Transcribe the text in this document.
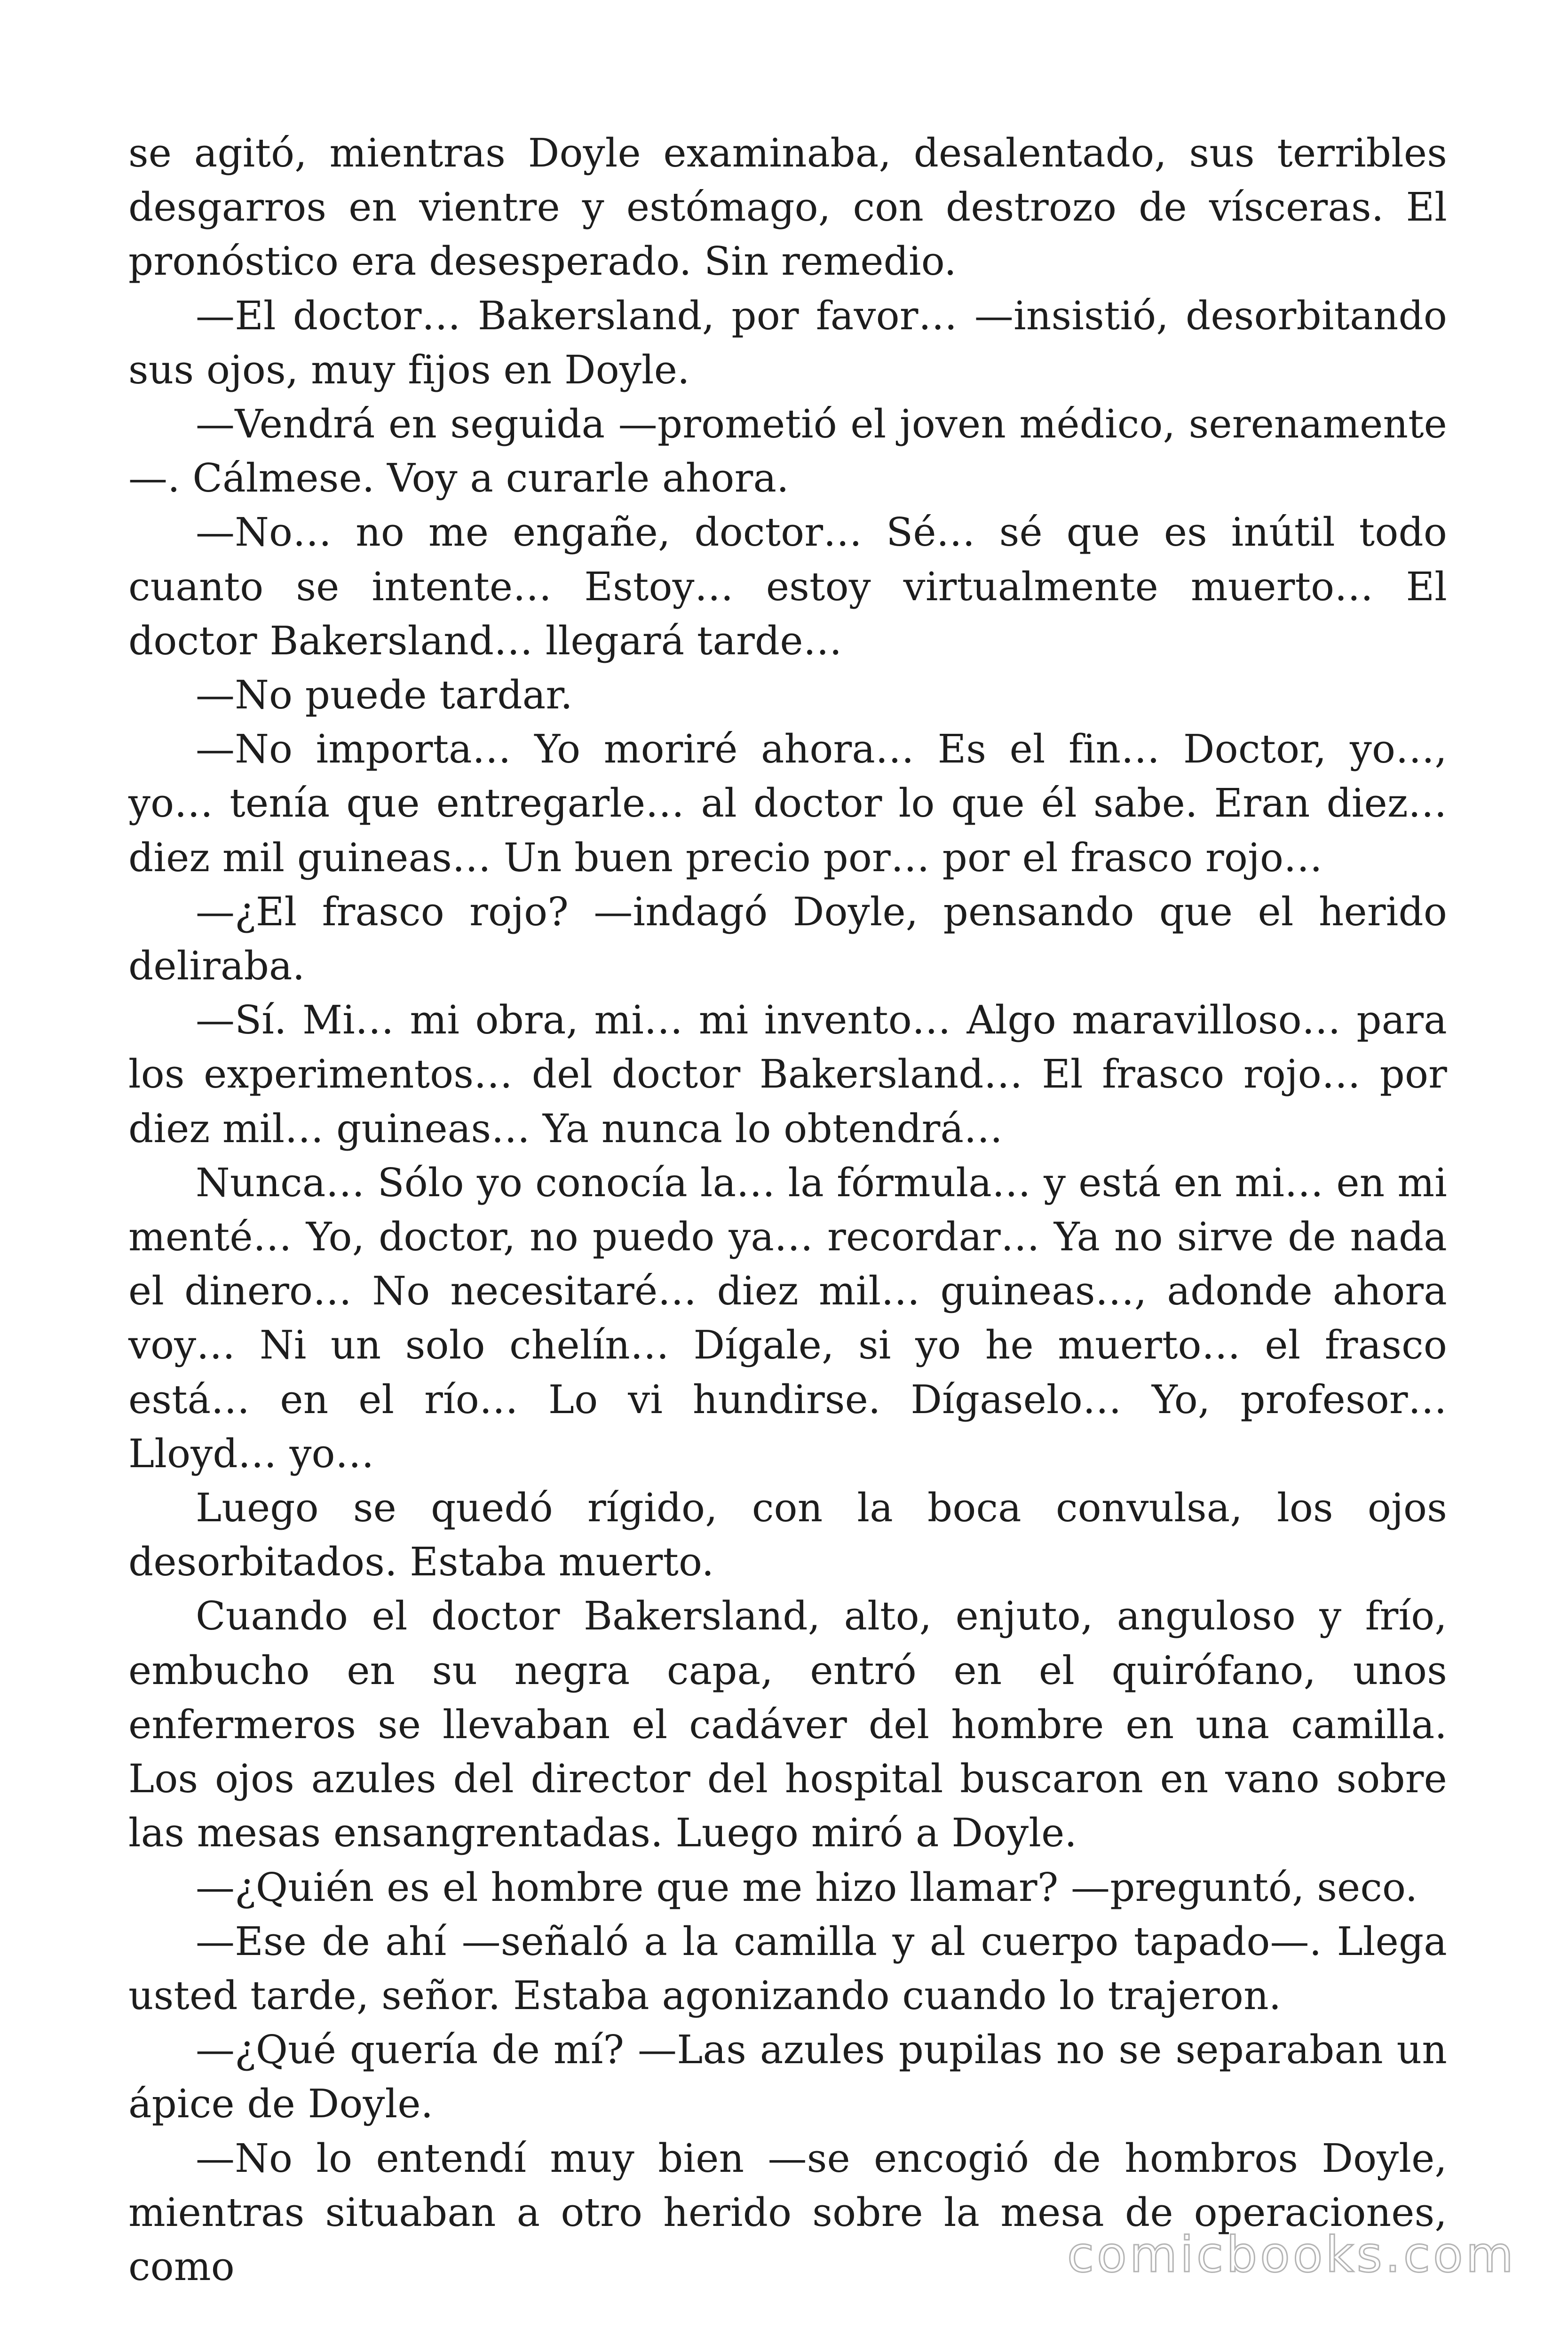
se agitó, mientras Doyle examinaba, desalentado, sus terribles desgarros en vientre y estómago, con destrozo de vísceras. El pronóstico era desesperado. Sin remedio.

—El doctor… Bakersland, por favor… —insistió, desorbitando sus ojos, muy fijos en Doyle.

—Vendrá en seguida —prometió el joven médico, serenamente —. Cálmese. Voy a curarle ahora.

—No… no me engañe, doctor… Sé… sé que es inútil todo cuanto se intente… Estoy… estoy virtualmente muerto… El doctor Bakersland… llegará tarde…

—No puede tardar.

—No importa… Yo moriré ahora… Es el fin… Doctor, yo…, yo… tenía que entregarle… al doctor lo que él sabe. Eran diez… diez mil guineas… Un buen precio por… por el frasco rojo…

—¿El frasco rojo? —indagó Doyle, pensando que el herido deliraba.

—Sí. Mi… mi obra, mi… mi invento… Algo maravilloso… para los experimentos… del doctor Bakersland… El frasco rojo… por diez mil… guineas… Ya nunca lo obtendrá…

Nunca… Sólo yo conocía la… la fórmula… y está en mi… en mi menté… Yo, doctor, no puedo ya… recordar… Ya no sirve de nada el dinero… No necesitaré… diez mil… guineas…, adonde ahora voy… Ni un solo chelín… Dígale, si yo he muerto… el frasco está… en el río… Lo vi hundirse. Dígaselo… Yo, profesor… Lloyd… yo…

Luego se quedó rígido, con la boca convulsa, los ojos desorbitados. Estaba muerto.

Cuando el doctor Bakersland, alto, enjuto, anguloso y frío, embucho en su negra capa, entró en el quirófano, unos enfermeros se llevaban el cadáver del hombre en una camilla. Los ojos azules del director del hospital buscaron en vano sobre las mesas ensangrentadas. Luego miró a Doyle.

—¿Quién es el hombre que me hizo llamar? —preguntó, seco.

—Ese de ahí —señaló a la camilla y al cuerpo tapado—. Llega usted tarde, señor. Estaba agonizando cuando lo trajeron.

—¿Qué quería de mí? —Las azules pupilas no se separaban un ápice de Doyle.

—No lo entendí muy bien —se encogió de hombros Doyle, mientras situaban a otro herido sobre la mesa de operaciones, como	comicbooks.com
